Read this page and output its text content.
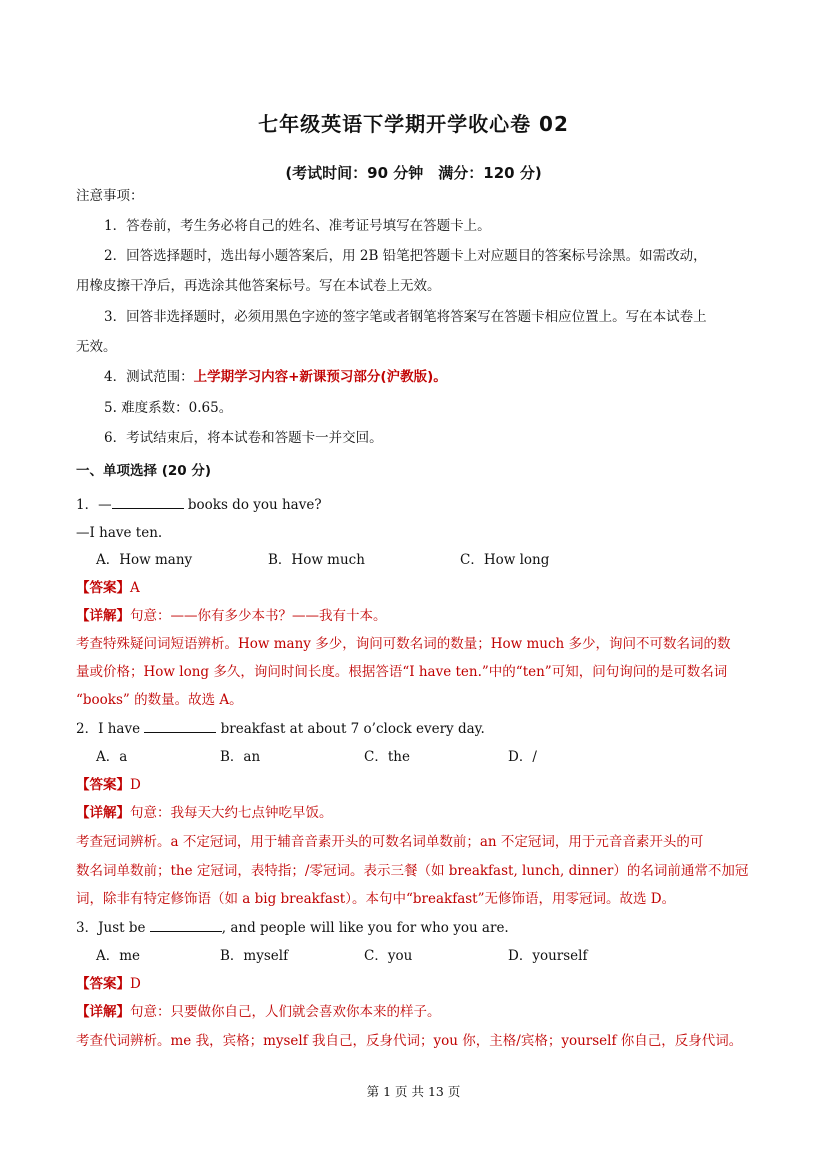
七年级英语下学期开学收心卷 02
(考试时间：90 分钟　满分：120 分)
注意事项：
1．答卷前，考生务必将自己的姓名、准考证号填写在答题卡上。
2．回答选择题时，选出每小题答案后，用 2B 铅笔把答题卡上对应题目的答案标号涂黑。如需改动，
用橡皮擦干净后，再选涂其他答案标号。写在本试卷上无效。
3．回答非选择题时，必须用黑色字迹的签字笔或者钢笔将答案写在答题卡相应位置上。写在本试卷上
无效。
4．测试范围：上学期学习内容+新课预习部分(沪教版)。
5. 难度系数：0.65。
6．考试结束后，将本试卷和答题卡一并交回。
一、单项选择 (20 分)
1．—	books do you have?
—I have ten.
A．How many	B．How much	C．How long
【答案】A
【详解】句意：——你有多少本书？——我有十本。
考查特殊疑问词短语辨析。How many 多少，询问可数名词的数量；How much 多少，询问不可数名词的数
量或价格；How long 多久，询问时间长度。根据答语“I have ten.”中的“ten”可知，问句询问的是可数名词
“books” 的数量。故选 A。
2．I have	breakfast at about 7 o’clock every day.
A．a	B．an	C．the	D．/
【答案】D
【详解】句意：我每天大约七点钟吃早饭。
考查冠词辨析。a 不定冠词，用于辅音音素开头的可数名词单数前；an 不定冠词，用于元音音素开头的可
数名词单数前；the 定冠词，表特指；/零冠词。表示三餐（如 breakfast, lunch, dinner）的名词前通常不加冠
词，除非有特定修饰语（如 a big breakfast）。本句中“breakfast”无修饰语，用零冠词。故选 D。
3．Just be	, and people will like you for who you are.
A．me	B．myself	C．you	D．yourself
【答案】D
【详解】句意：只要做你自己，人们就会喜欢你本来的样子。
考查代词辨析。me 我，宾格；myself 我自己，反身代词；you 你，主格/宾格；yourself 你自己，反身代词。
第 1 页 共 13 页
